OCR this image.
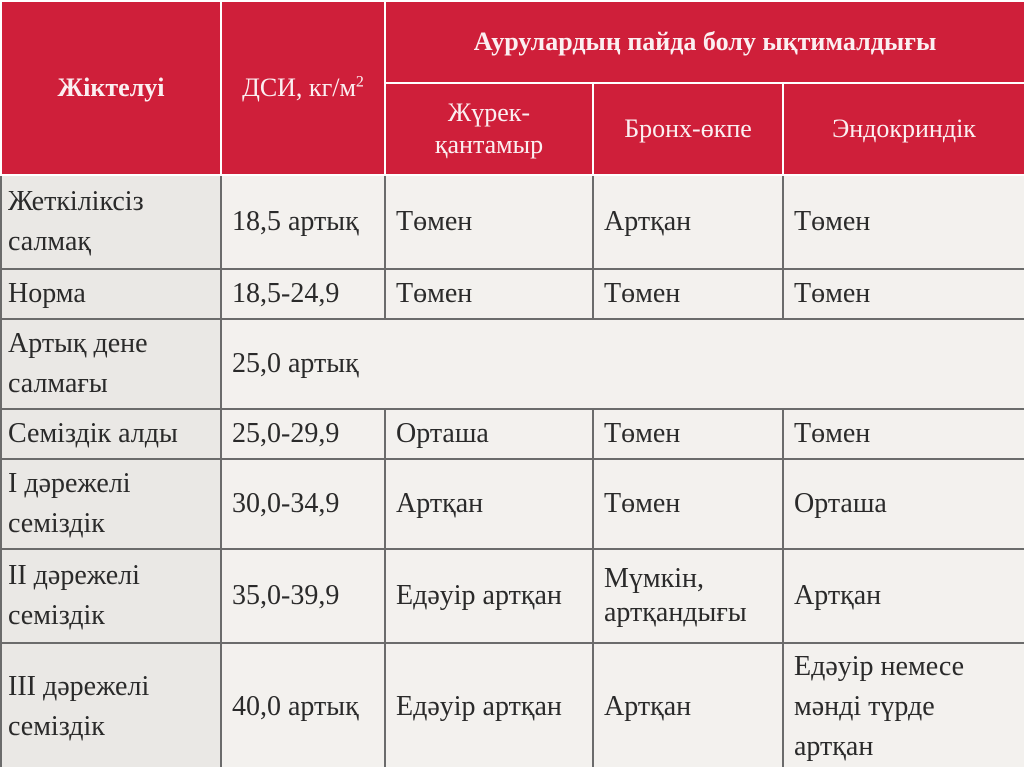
Жіктелуі	ДСИ, $кг/м^2$	Аурулардың пайда болу ықтималдығы		
		Жүрек-
қантамыр	Бронх-өкпе	Эндокриндік
Жеткіліксіз
салмақ	18,5 артық	Төмен	Артқан	Төмен
Норма	18,5-24,9	Төмен	Төмен	Төмен
Артық дене
салмағы	25,0 артық			
Семіздік алды	25,0-29,9	Орташа	Төмен	Төмен
I дәрежелі
семіздік	30,0-34,9	Артқан	Төмен	Орташа
II дәрежелі
семіздік	35,0-39,9	Едәуір артқан	Мүмкін,
артқандығы	Артқан
III дәрежелі
семіздік	40,0 артық	Едәуір артқан	Артқан	Едәуір немесе
мәнді түрде
артқан
